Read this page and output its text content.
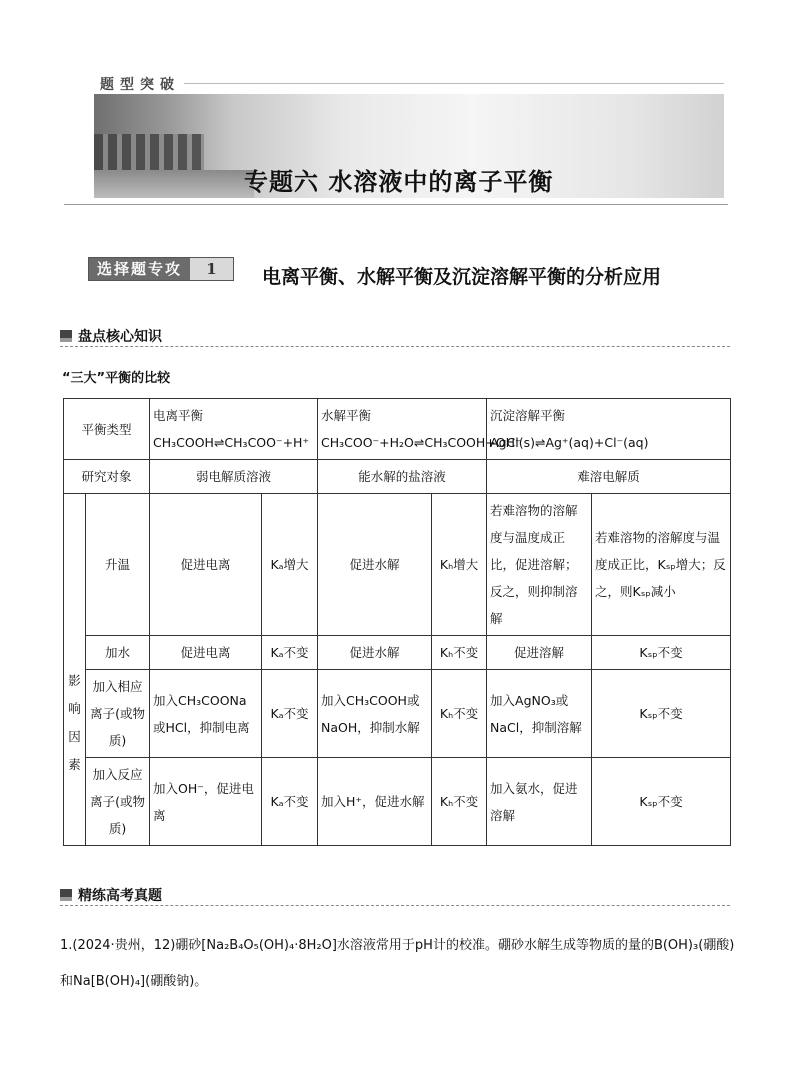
题型突破
专题六 水溶液中的离子平衡
选择题专攻	1	电离平衡、水解平衡及沉淀溶解平衡的分析应用
盘点核心知识
“三大”平衡的比较
平衡类型		电离平衡CH₃COOH⇌CH₃COO⁻+H⁺		水解平衡CH₃COO⁻+H₂O⇌CH₃COOH+OH⁻		沉淀溶解平衡 AgCl(s)⇌Ag⁺(aq)+Cl⁻(aq)	
研究对象		弱电解质溶液		能水解的盐溶液		难溶电解质	
影响因素	升温	促进电离	Kₐ增大	促进水解	Kₕ增大	若难溶物的溶解度与温度成正比，促进溶解；反之，则抑制溶解	若难溶物的溶解度与温度成正比，Kₛₚ增大；反之，则Kₛₚ减小
	加水	促进电离	Kₐ不变	促进水解	Kₕ不变	促进溶解	Kₛₚ不变
	加入相应离子(或物质)	加入CH₃COONa或HCl，抑制电离	Kₐ不变	加入CH₃COOH或NaOH，抑制水解	Kₕ不变	加入AgNO₃或NaCl，抑制溶解	Kₛₚ不变
	加入反应离子(或物质)	加入OH⁻，促进电离	Kₐ不变	加入H⁺，促进水解	Kₕ不变	加入氨水，促进溶解	Kₛₚ不变
精练高考真题
1.(2024·贵州，12)硼砂[Na₂B₄O₅(OH)₄·8H₂O]水溶液常用于pH计的校准。硼砂水解生成等物质的量的B(OH)₃(硼酸)和Na[B(OH)₄](硼酸钠)。
